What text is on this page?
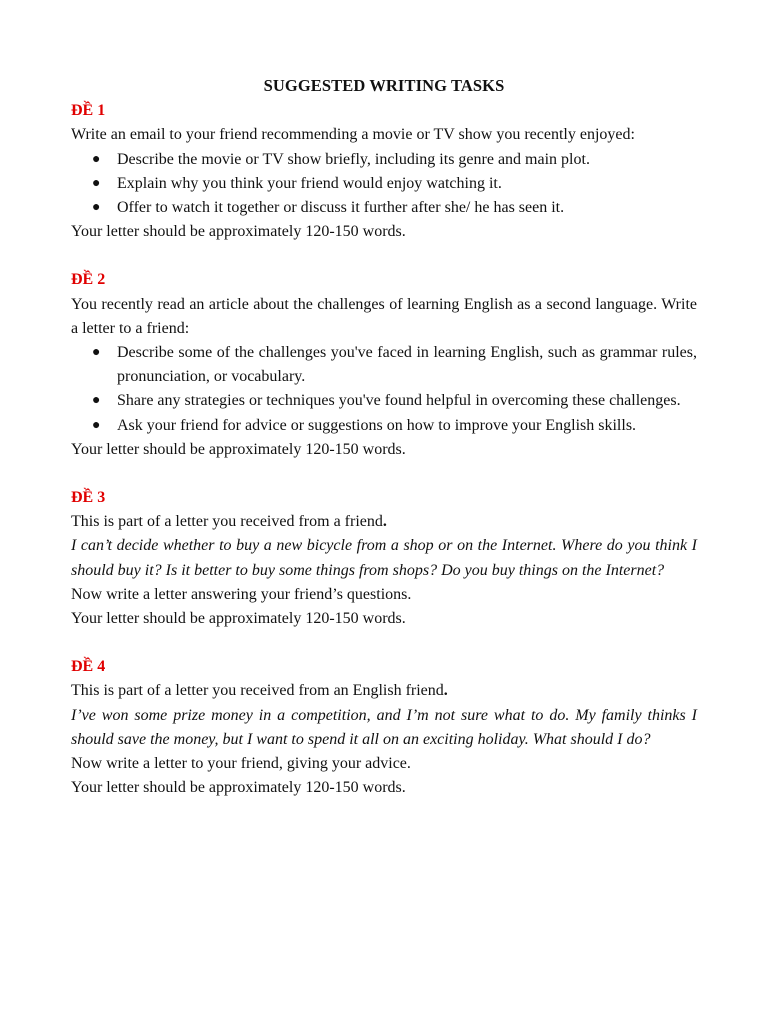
SUGGESTED WRITING TASKS

ĐỀ 1

Write an email to your friend recommending a movie or TV show you recently enjoyed:

● Describe the movie or TV show briefly, including its genre and main plot.
● Explain why you think your friend would enjoy watching it.
● Offer to watch it together or discuss it further after she/ he has seen it.

Your letter should be approximately 120-150 words.

ĐỀ 2

You recently read an article about the challenges of learning English as a second language. Write a letter to a friend:

● Describe some of the challenges you've faced in learning English, such as grammar rules, pronunciation, or vocabulary.
● Share any strategies or techniques you've found helpful in overcoming these challenges.
● Ask your friend for advice or suggestions on how to improve your English skills.

Your letter should be approximately 120-150 words.

ĐỀ 3

This is part of a letter you received from a friend.

I can’t decide whether to buy a new bicycle from a shop or on the Internet. Where do you think I should buy it? Is it better to buy some things from shops? Do you buy things on the Internet?

Now write a letter answering your friend’s questions.

Your letter should be approximately 120-150 words.

ĐỀ 4

This is part of a letter you received from an English friend.

I’ve won some prize money in a competition, and I’m not sure what to do. My family thinks I should save the money, but I want to spend it all on an exciting holiday. What should I do?

Now write a letter to your friend, giving your advice.

Your letter should be approximately 120-150 words.
